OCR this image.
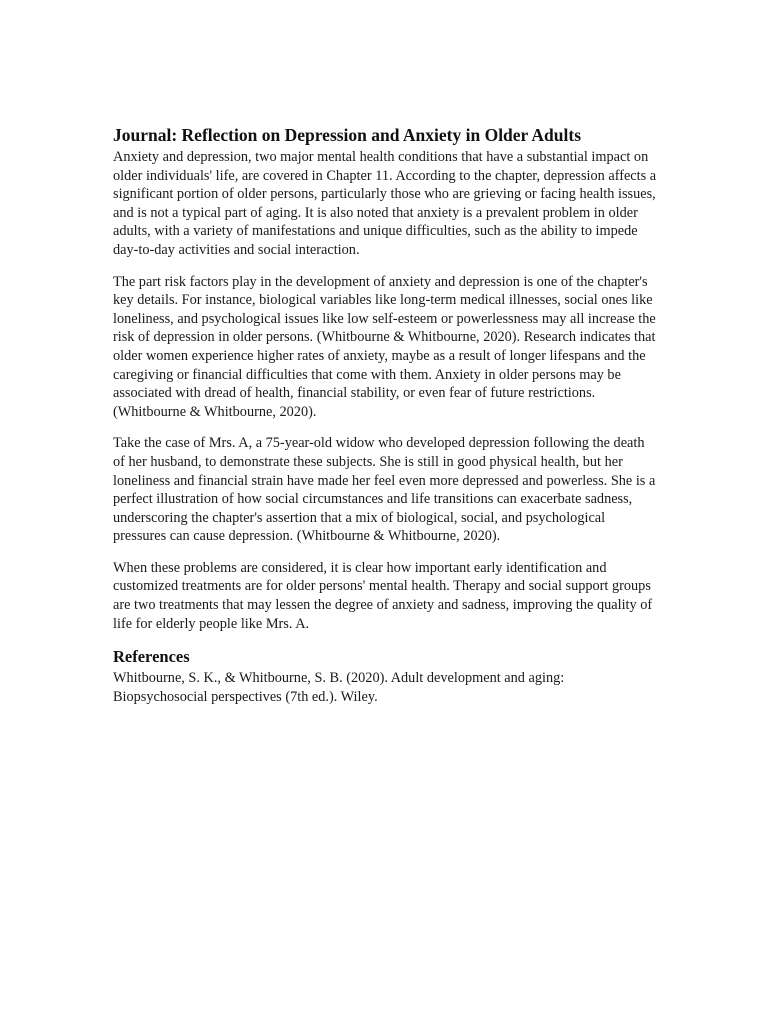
Journal: Reflection on Depression and Anxiety in Older Adults

Anxiety and depression, two major mental health conditions that have a substantial impact on older individuals' life, are covered in Chapter 11. According to the chapter, depression affects a significant portion of older persons, particularly those who are grieving or facing health issues, and is not a typical part of aging. It is also noted that anxiety is a prevalent problem in older adults, with a variety of manifestations and unique difficulties, such as the ability to impede day-to-day activities and social interaction.

The part risk factors play in the development of anxiety and depression is one of the chapter's key details. For instance, biological variables like long-term medical illnesses, social ones like loneliness, and psychological issues like low self-esteem or powerlessness may all increase the risk of depression in older persons. (Whitbourne & Whitbourne, 2020). Research indicates that older women experience higher rates of anxiety, maybe as a result of longer lifespans and the caregiving or financial difficulties that come with them. Anxiety in older persons may be associated with dread of health, financial stability, or even fear of future restrictions. (Whitbourne & Whitbourne, 2020).

Take the case of Mrs. A, a 75-year-old widow who developed depression following the death of her husband, to demonstrate these subjects. She is still in good physical health, but her loneliness and financial strain have made her feel even more depressed and powerless. She is a perfect illustration of how social circumstances and life transitions can exacerbate sadness, underscoring the chapter's assertion that a mix of biological, social, and psychological pressures can cause depression. (Whitbourne & Whitbourne, 2020).

When these problems are considered, it is clear how important early identification and customized treatments are for older persons' mental health. Therapy and social support groups are two treatments that may lessen the degree of anxiety and sadness, improving the quality of life for elderly people like Mrs. A.

References

Whitbourne, S. K., & Whitbourne, S. B. (2020). Adult development and aging: Biopsychosocial perspectives (7th ed.). Wiley.
